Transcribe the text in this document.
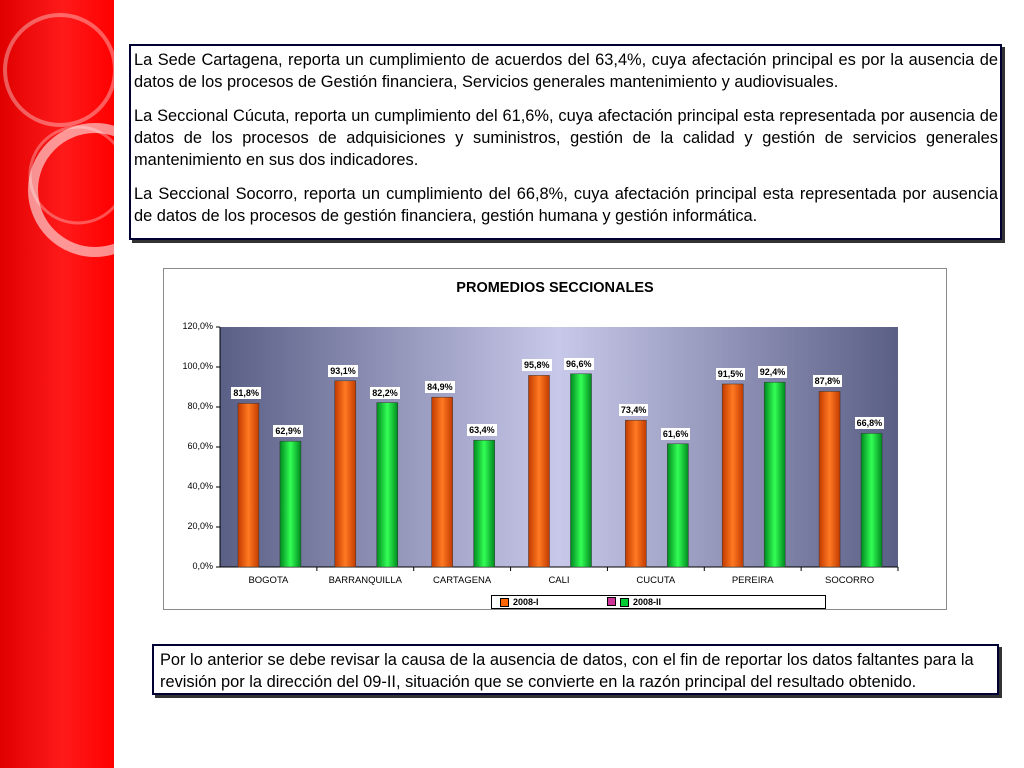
La Sede Cartagena, reporta un cumplimiento de acuerdos del 63,4%, cuya afectación principal es por la ausencia de datos de los procesos de Gestión financiera, Servicios generales mantenimiento y audiovisuales.

La Seccional Cúcuta, reporta un cumplimiento del 61,6%, cuya afectación principal esta representada por ausencia de datos de los procesos de adquisiciones y suministros, gestión de la calidad y gestión de servicios generales mantenimiento en sus dos indicadores.

La Seccional Socorro, reporta un cumplimiento del 66,8%, cuya afectación principal esta representada por ausencia de datos de los procesos de gestión financiera, gestión humana y gestión informática.

PROMEDIOS SECCIONALES
0,0%
20,0%
40,0%
60,0%
80,0%
100,0%
120,0%
BOGOTA
81,8%
62,9%
BARRANQUILLA
93,1%
82,2%
CARTAGENA
84,9%
63,4%
CALI
95,8% 96,6%
CUCUTA
73,4%
61,6%
PEREIRA
91,5% 92,4%
SOCORRO
87,8%
66,8%
2008-I	2008-II

Por lo anterior se debe revisar la causa de la ausencia de datos, con el fin de reportar los datos faltantes para la revisión por la dirección del 09-II, situación que se convierte en la razón principal del resultado obtenido.
